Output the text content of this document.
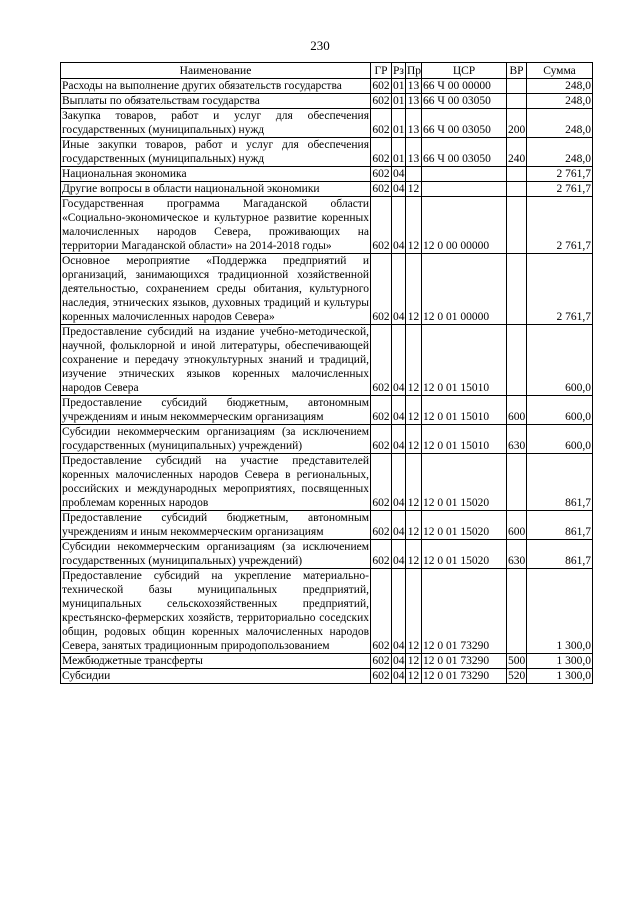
230
Наименование	ГР	Рз	Пр	ЦСР	ВР	Сумма
Расходы на выполнение других обязательств государства	602	01	13	66 Ч 00 00000		248,0
Выплаты по обязательствам государства	602	01	13	66 Ч 00 03050		248,0
Закупка товаров, работ и услуг для обеспечения государственных (муниципальных) нужд	602	01	13	66 Ч 00 03050	200	248,0
Иные закупки товаров, работ и услуг для обеспечения государственных (муниципальных) нужд	602	01	13	66 Ч 00 03050	240	248,0
Национальная экономика	602	04				2 761,7
Другие вопросы в области национальной экономики	602	04	12			2 761,7
Государственная программа Магаданской области «Социально-экономическое и культурное развитие коренных малочисленных народов Севера, проживающих на территории Магаданской области» на 2014-2018 годы»	602	04	12	12 0 00 00000		2 761,7
Основное мероприятие «Поддержка предприятий и организаций, занимающихся традиционной хозяйственной деятельностью, сохранением среды обитания, культурного наследия, этнических языков, духовных традиций и культуры коренных малочисленных народов Севера»	602	04	12	12 0 01 00000		2 761,7
Предоставление субсидий на издание учебно-методической, научной, фольклорной и иной литературы, обеспечивающей сохранение и передачу этнокультурных знаний и традиций, изучение этнических языков коренных малочисленных народов Севера	602	04	12	12 0 01 15010		600,0
Предоставление субсидий бюджетным, автономным учреждениям и иным некоммерческим организациям	602	04	12	12 0 01 15010	600	600,0
Субсидии некоммерческим организациям (за исключением государственных (муниципальных) учреждений)	602	04	12	12 0 01 15010	630	600,0
Предоставление субсидий на участие представителей коренных малочисленных народов Севера в региональных, российских и международных мероприятиях, посвященных проблемам коренных народов	602	04	12	12 0 01 15020		861,7
Предоставление субсидий бюджетным, автономным учреждениям и иным некоммерческим организациям	602	04	12	12 0 01 15020	600	861,7
Субсидии некоммерческим организациям (за исключением государственных (муниципальных) учреждений)	602	04	12	12 0 01 15020	630	861,7
Предоставление субсидий на укрепление материально-технической базы муниципальных предприятий, муниципальных сельскохозяйственных предприятий, крестьянско-фермерских хозяйств, территориально соседских общин, родовых общин коренных малочисленных народов Севера, занятых традиционным природопользованием	602	04	12	12 0 01 73290		1 300,0
Межбюджетные трансферты	602	04	12	12 0 01 73290	500	1 300,0
Субсидии	602	04	12	12 0 01 73290	520	1 300,0
